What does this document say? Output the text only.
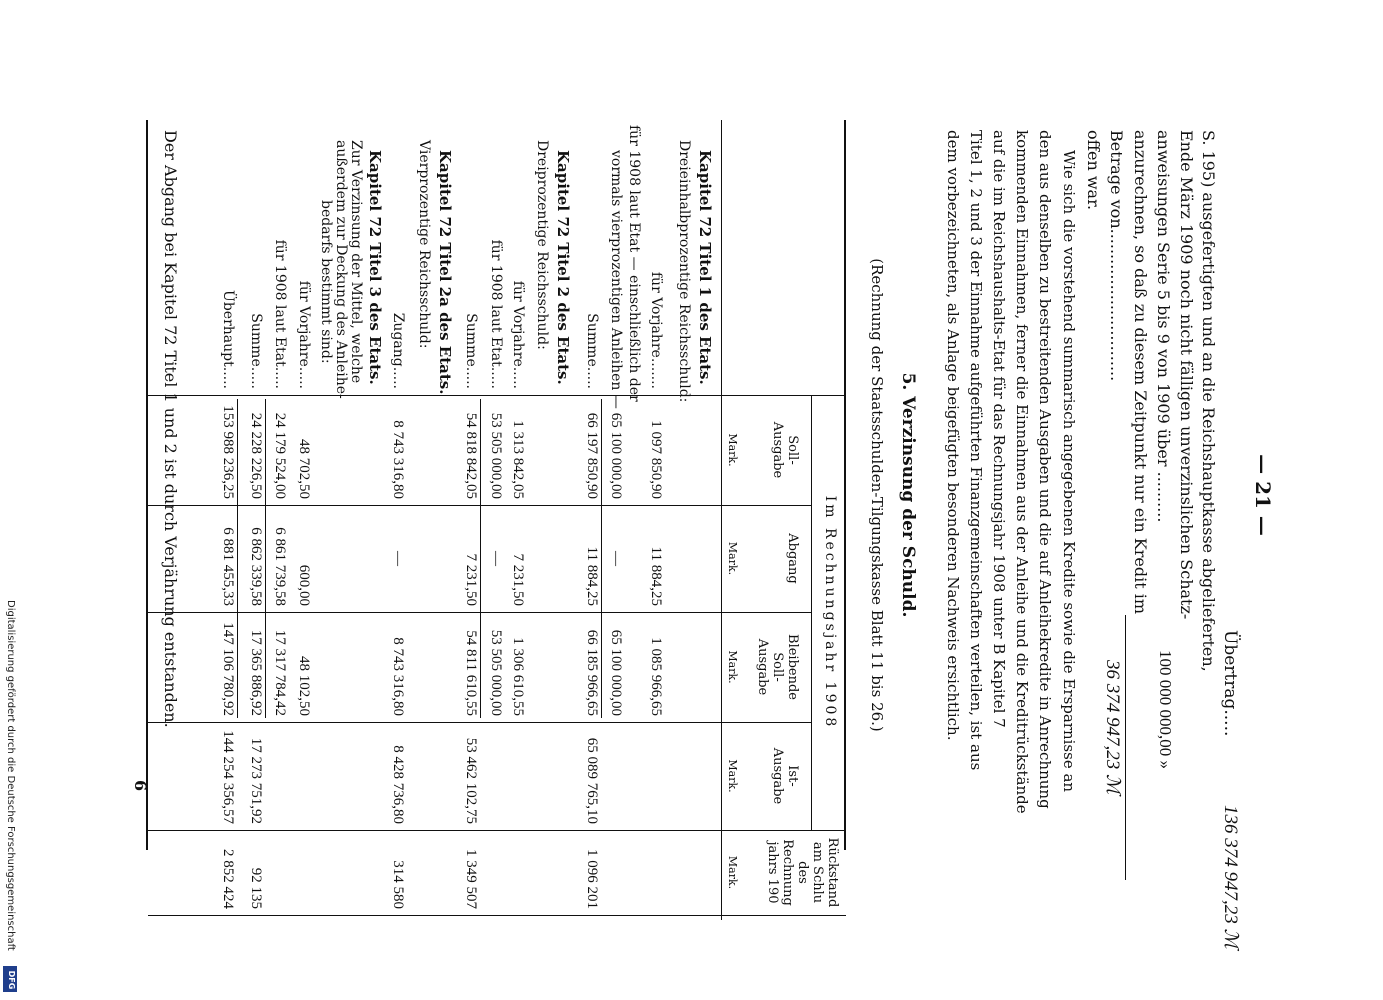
— 21 —
Übertrag.....
136 374 947,23 ℳ
S. 195) ausgefertigten und an die Reichshauptkasse abgelieferten,
Ende März 1909 noch nicht fälligen unverzinslichen Schatz-
anweisungen Serie 5 bis 9 von 1909 über ..........
100 000 000,00 »
anzurechnen, so daß zu diesem Zeitpunkt nur ein Kredit im
Betrage von..............................
36 374 947,23 ℳ
offen war.
Wie sich die vorstehend summarisch angegebenen Kredite sowie die Ersparnisse an
den aus denselben zu bestreitenden Ausgaben und die auf Anleihekredite in Anrechnung
kommenden Einnahmen, ferner die Einnahmen aus der Anleihe und die Kreditrückstände
auf die im Reichshaushalts-Etat für das Rechnungsjahr 1908 unter B Kapitel 7
Titel 1, 2 und 3 der Einnahme aufgeführten Finanzgemeinschaften verteilen, ist aus
dem vorbezeichneten, als Anlage beigefügten besonderen Nachweis ersichtlich.
5. Verzinsung der Schuld.
(Rechnung der Staatsschulden-Tilgungskasse Blatt 11 bis 26.)
Im Rechnungsjahr 1908
Soll-
Ausgabe
Mark.
Abgang
Mark.
Bleibende
Soll-
Ausgabe
Mark.
Ist-
Ausgabe
Mark.
Rückstand
am Schlu
des
Rechnung
jahrs 190
Mark.
Kapitel 72 Titel 1 des Etats.
Dreieinhalbprozentige Reichsschuld:
für Vorjahre.......
1 097 850,90
11 884,25
1 085 966,65
für 1908 laut Etat — einschließlich der
vormals vierprozentigen Anleihen —
65 100 000,00
—
65 100 000,00
Summe.....
66 197 850,90
11 884,25
66 185 966,65
65 089 765,10
1 096 201
Kapitel 72 Titel 2 des Etats.
Dreiprozentige Reichsschuld:
für Vorjahre.....
1 313 842,05
7 231,50
1 306 610,55
für 1908 laut Etat.....
53 505 000,00
—
53 505 000,00
Summe.....
54 818 842,05
7 231,50
54 811 610,55
53 462 102,75
1 349 507
Kapitel 72 Titel 2a des Etats.
Vierprozentige Reichsschuld:
Zugang.....
8 743 316,80
—
8 743 316,80
8 428 736,80
314 580
Kapitel 72 Titel 3 des Etats.
Zur Verzinsung der Mittel, welche
außerdem zur Deckung des Anleihe-
bedarfs bestimmt sind:
für Vorjahre.....
48 702,50
600,00
48 102,50
für 1908 laut Etat.....
24 179 524,00
6 861 739,58
17 317 784,42
Summe.....
24 228 226,50
6 862 339,58
17 365 886,92
17 273 751,92
92 135
Überhaupt.....
153 988 236,25
6 881 455,33
147 106 780,92
144 254 356,57
2 852 424
Der Abgang bei Kapitel 72 Titel 1 und 2 ist durch Verjährung entstanden.
6
Digitalisierung gefördert durch die Deutsche Forschungsgemeinschaft
DFG
